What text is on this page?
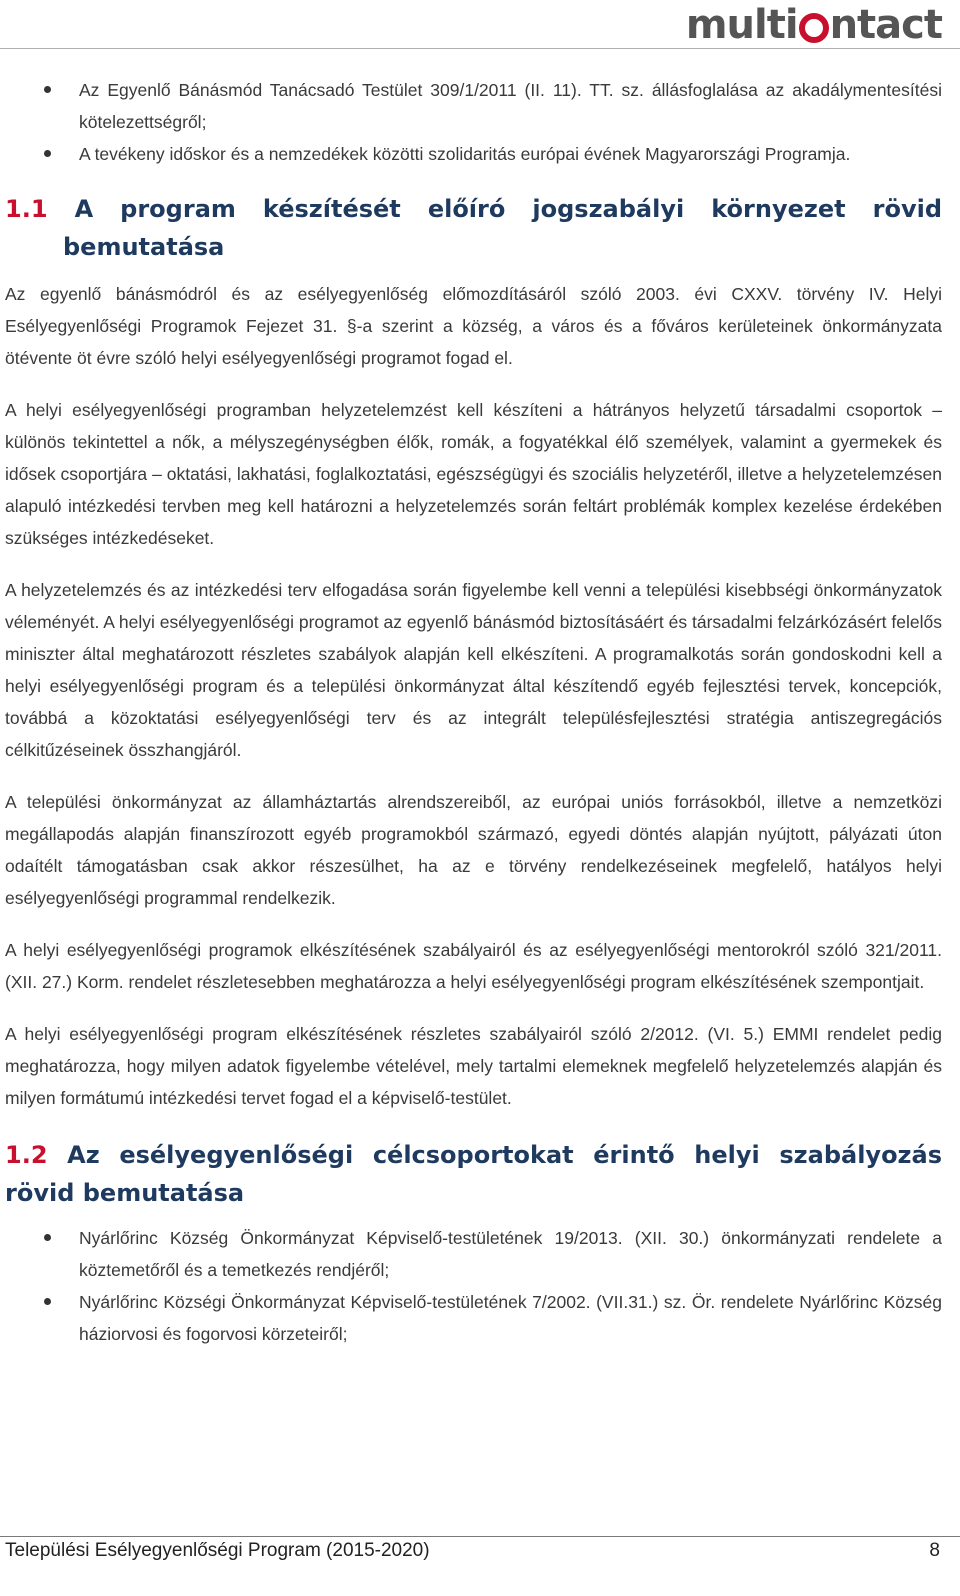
multi ntact
Az Egyenlő Bánásmód Tanácsadó Testület 309/1/2011 (II. 11). TT. sz. állásfoglalása az akadálymentesítési kötelezettségről;
A tevékeny időskor és a nemzedékek közötti szolidaritás európai évének Magyarországi Programja.
1.1 A program készítését előíró jogszabályi környezet rövid bemutatása

Az egyenlő bánásmódról és az esélyegyenlőség előmozdításáról szóló 2003. évi CXXV. törvény IV. Helyi Esélyegyenlőségi Programok Fejezet 31. §-a szerint a község, a város és a főváros kerületeinek önkormányzata ötévente öt évre szóló helyi esélyegyenlőségi programot fogad el.

A helyi esélyegyenlőségi programban helyzetelemzést kell készíteni a hátrányos helyzetű társadalmi csoportok – különös tekintettel a nők, a mélyszegénységben élők, romák, a fogyatékkal élő személyek, valamint a gyermekek és idősek csoportjára – oktatási, lakhatási, foglalkoztatási, egészségügyi és szociális helyzetéről, illetve a helyzetelemzésen alapuló intézkedési tervben meg kell határozni a helyzetelemzés során feltárt problémák komplex kezelése érdekében szükséges intézkedéseket.

A helyzetelemzés és az intézkedési terv elfogadása során figyelembe kell venni a települési kisebbségi önkormányzatok véleményét. A helyi esélyegyenlőségi programot az egyenlő bánásmód biztosításáért és társadalmi felzárkózásért felelős miniszter által meghatározott részletes szabályok alapján kell elkészíteni. A programalkotás során gondoskodni kell a helyi esélyegyenlőségi program és a települési önkormányzat által készítendő egyéb fejlesztési tervek, koncepciók, továbbá a közoktatási esélyegyenlőségi terv és az integrált településfejlesztési stratégia antiszegregációs célkitűzéseinek összhangjáról.

A települési önkormányzat az államháztartás alrendszereiből, az európai uniós forrásokból, illetve a nemzetközi megállapodás alapján finanszírozott egyéb programokból származó, egyedi döntés alapján nyújtott, pályázati úton odaítélt támogatásban csak akkor részesülhet, ha az e törvény rendelkezéseinek megfelelő, hatályos helyi esélyegyenlőségi programmal rendelkezik.

A helyi esélyegyenlőségi programok elkészítésének szabályairól és az esélyegyenlőségi mentorokról szóló 321/2011. (XII. 27.) Korm. rendelet részletesebben meghatározza a helyi esélyegyenlőségi program elkészítésének szempontjait.

A helyi esélyegyenlőségi program elkészítésének részletes szabályairól szóló 2/2012. (VI. 5.) EMMI rendelet pedig meghatározza, hogy milyen adatok figyelembe vételével, mely tartalmi elemeknek megfelelő helyzetelemzés alapján és milyen formátumú intézkedési tervet fogad el a képviselő-testület.

1.2 Az esélyegyenlőségi célcsoportokat érintő helyi szabályozás rövid bemutatása
Nyárlőrinc Község Önkormányzat Képviselő-testületének 19/2013. (XII. 30.) önkormányzati rendelete a köztemetőről és a temetkezés rendjéről;
Nyárlőrinc Községi Önkormányzat Képviselő-testületének 7/2002. (VII.31.) sz. Ör. rendelete Nyárlőrinc Község háziorvosi és fogorvosi körzeteiről;
Települési Esélyegyenlőségi Program (2015-2020)	8
